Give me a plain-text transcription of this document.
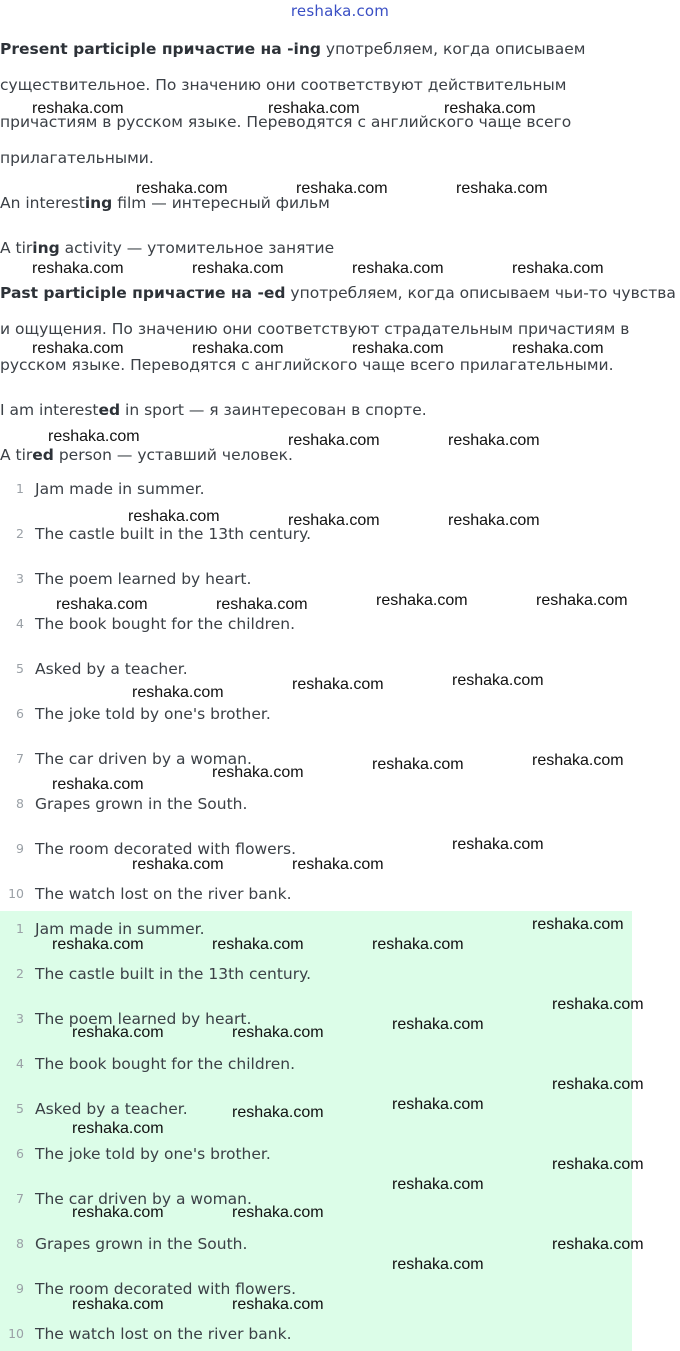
reshaka.com
Present participle причастие на -ing употребляем, когда описываем
существительное. По значению они соответствуют действительным
причастиям в русском языке. Переводятся с английского чаще всего
прилагательными.
An interesting film — интересный фильм
A tiring activity — утомительное занятие
Past participle причастие на -ed употребляем, когда описываем чьи-то чувства
и ощущения. По значению они соответствуют страдательным причастиям в
русском языке. Переводятся с английского чаще всего прилагательными.
I am interested in sport — я заинтересован в спорте.
A tired person — уставший человек.
1 Jam made in summer.
2 The castle built in the 13th century.
3 The poem learned by heart.
4 The book bought for the children.
5 Asked by a teacher.
6 The joke told by one's brother.
7 The car driven by a woman.
8 Grapes grown in the South.
9 The room decorated with flowers.
10 The watch lost on the river bank.
1 Jam made in summer.
2 The castle built in the 13th century.
3 The poem learned by heart.
4 The book bought for the children.
5 Asked by a teacher.
6 The joke told by one's brother.
7 The car driven by a woman.
8 Grapes grown in the South.
9 The room decorated with flowers.
10 The watch lost on the river bank.
reshaka.com	reshaka.com	reshaka.com
reshaka.com	reshaka.com	reshaka.com
reshaka.com	reshaka.com	reshaka.com	reshaka.com
reshaka.com	reshaka.com	reshaka.com	reshaka.com
reshaka.com	reshaka.com	reshaka.com
reshaka.com	reshaka.com	reshaka.com
reshaka.com	reshaka.com	reshaka.com	reshaka.com
reshaka.com	reshaka.com	reshaka.com
reshaka.com
reshaka.com	reshaka.com	reshaka.com
reshaka.com	reshaka.com
reshaka.com
reshaka.com
reshaka.com	reshaka.com	reshaka.com
reshaka.com
reshaka.com	reshaka.com	reshaka.com
reshaka.com
reshaka.com
reshaka.com
reshaka.com
reshaka.com
reshaka.com
reshaka.com	reshaka.com
reshaka.com
reshaka.com
reshaka.com	reshaka.com
